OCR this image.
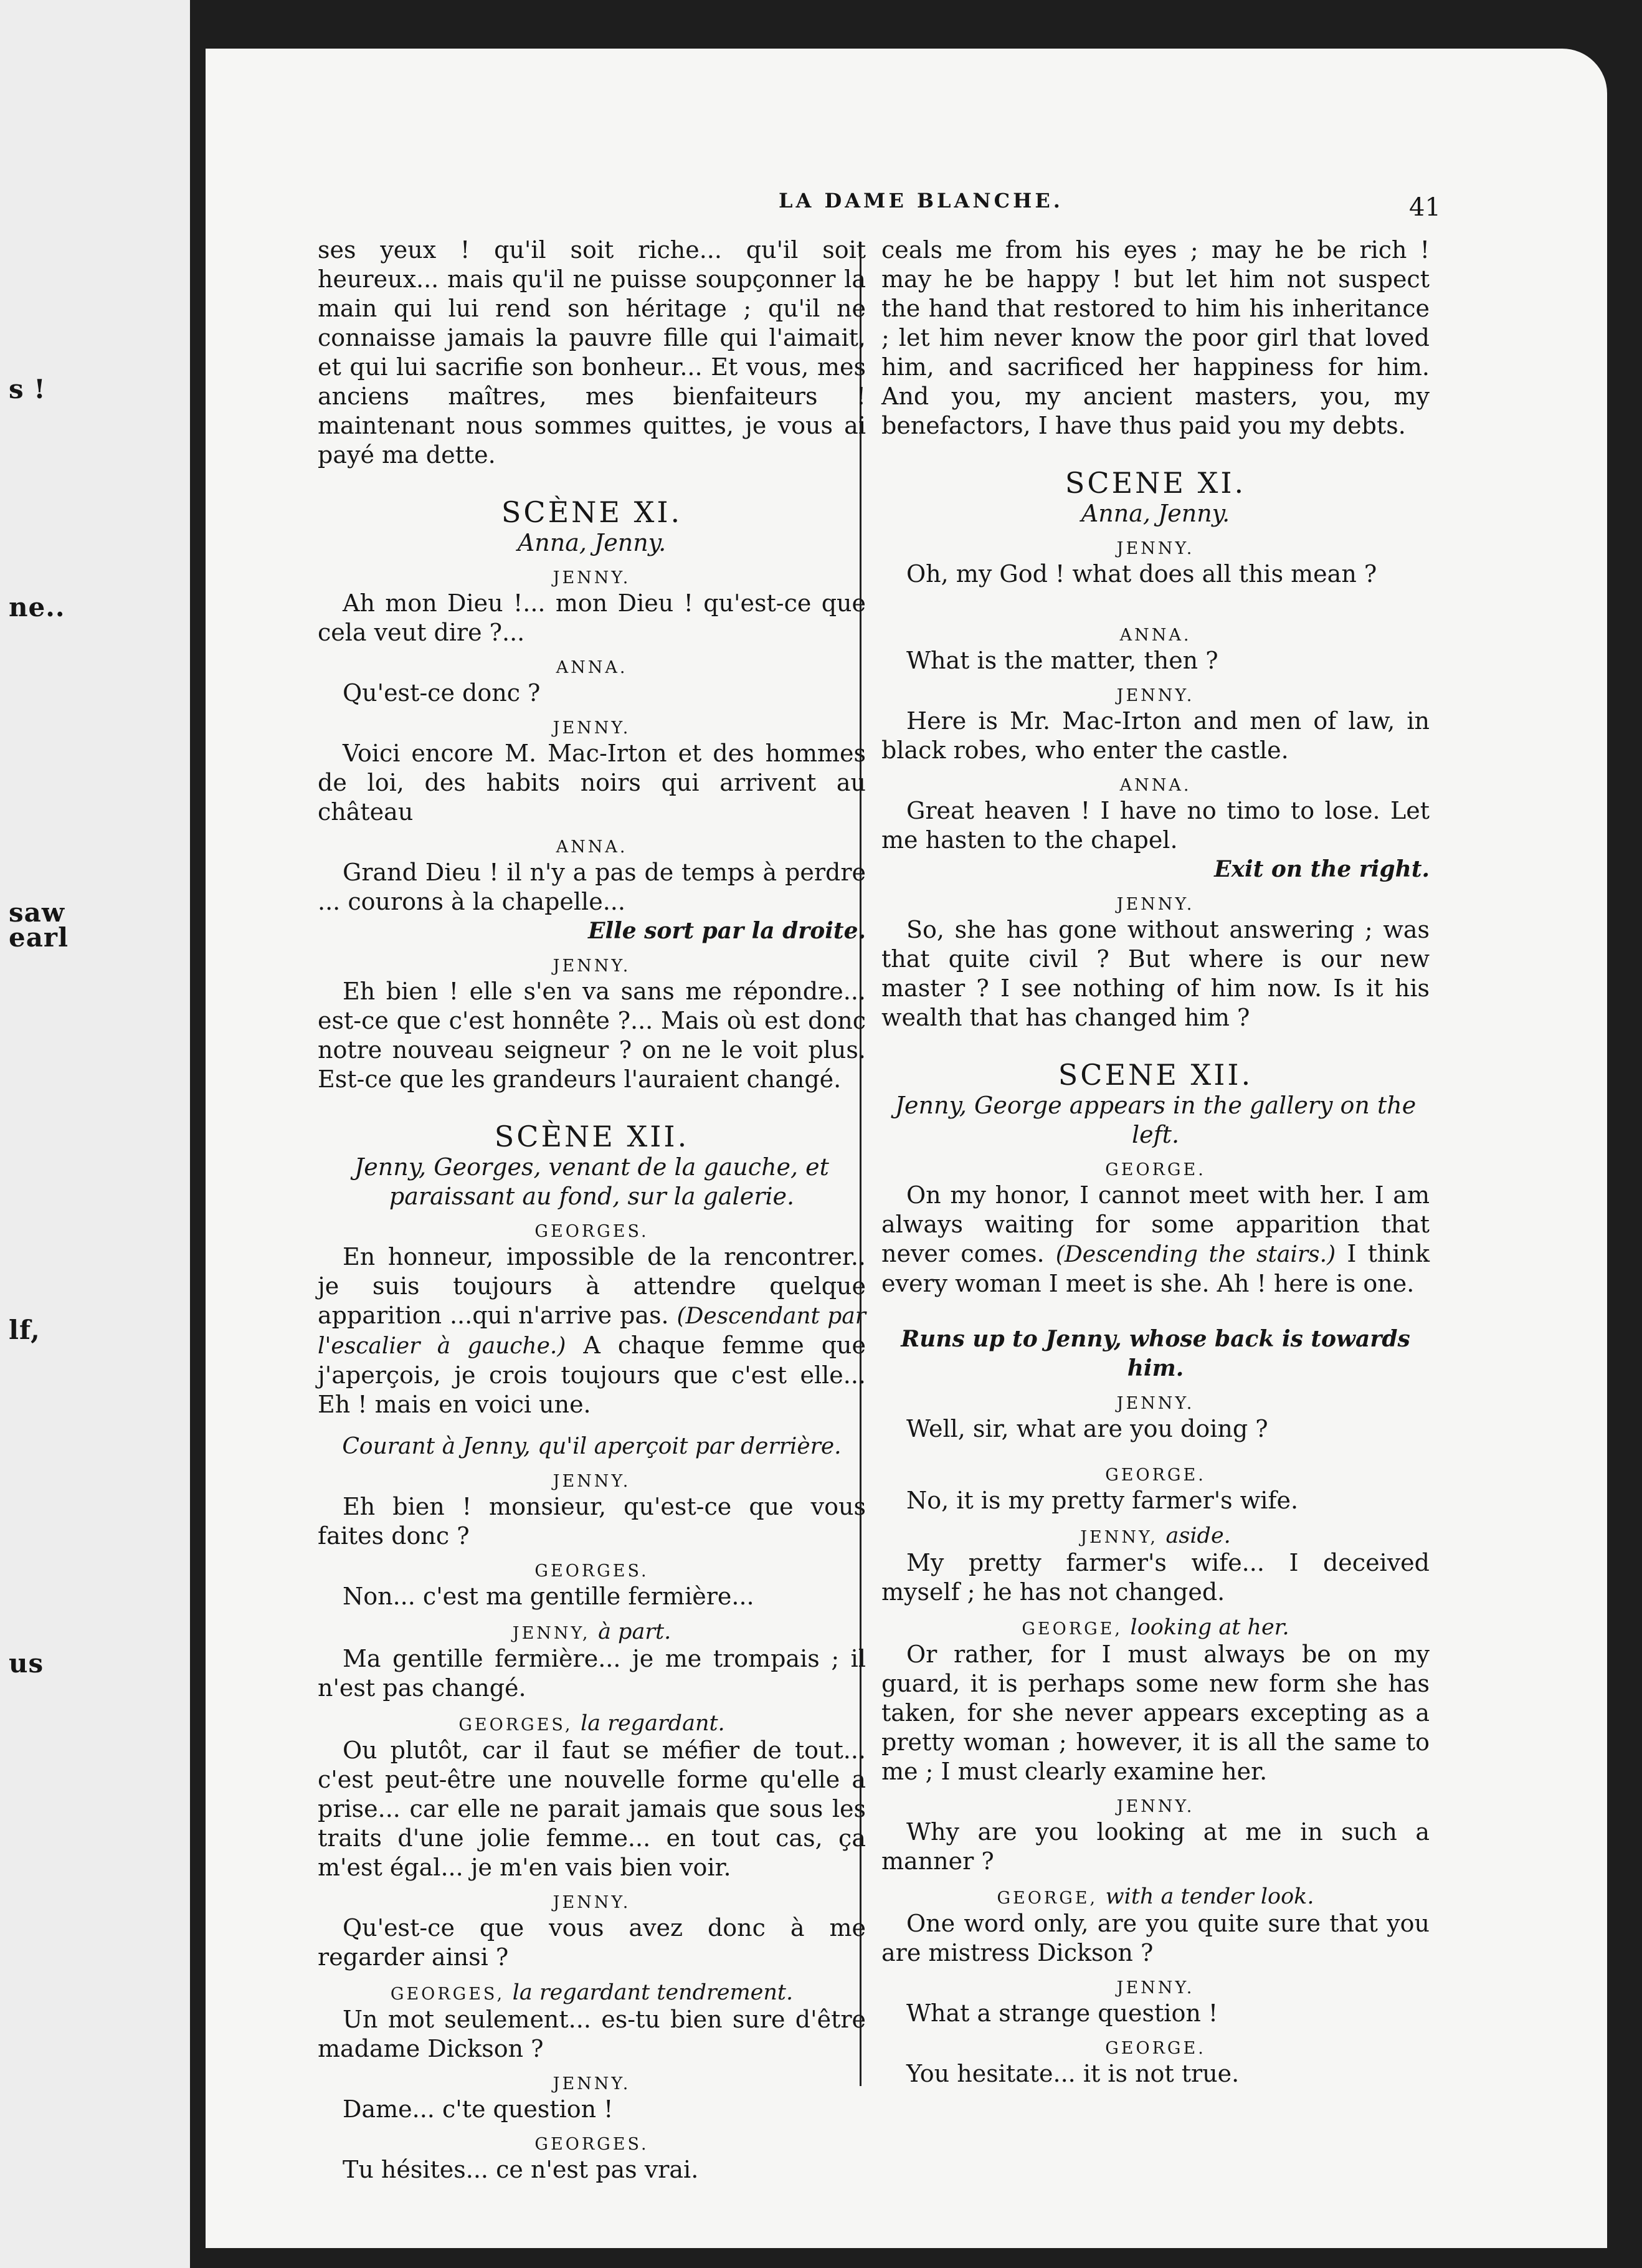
s !
ne..
saw
earl
lf,
us
LA DAME BLANCHE.	41
ses yeux ! qu'il soit riche... qu'il soit heureux... mais qu'il ne puisse soupçonner la main qui lui rend son héritage ; qu'il ne connaisse jamais la pauvre fille qui l'aimait, et qui lui sacrifie son bonheur... Et vous, mes anciens maîtres, mes bienfaiteurs ! maintenant nous sommes quittes, je vous ai payé ma dette.
SCÈNE XI.
Anna, Jenny.
JENNY.
Ah mon Dieu !... mon Dieu ! qu'est-ce que cela veut dire ?...
ANNA.
Qu'est-ce donc ?
JENNY.
Voici encore M. Mac-Irton et des hommes de loi, des habits noirs qui arrivent au château
ANNA.
Grand Dieu ! il n'y a pas de temps à perdre ... courons à la chapelle...
Elle sort par la droite.
JENNY.
Eh bien ! elle s'en va sans me répondre... est-ce que c'est honnête ?... Mais où est donc notre nouveau seigneur ? on ne le voit plus. Est-ce que les grandeurs l'auraient changé.
SCÈNE XII.
Jenny, Georges, venant de la gauche, et paraissant au fond, sur la galerie.
GEORGES.
En honneur, impossible de la rencontrer.. je suis toujours à attendre quelque apparition ...qui n'arrive pas. (Descendant par l'escalier à gauche.) A chaque femme que j'aperçois, je crois toujours que c'est elle... Eh ! mais en voici une.
Courant à Jenny, qu'il aperçoit par derrière.
JENNY.
Eh bien ! monsieur, qu'est-ce que vous faites donc ?
GEORGES.
Non... c'est ma gentille fermière...
JENNY, à part.
Ma gentille fermière... je me trompais ; il n'est pas changé.
GEORGES, la regardant.
Ou plutôt, car il faut se méfier de tout... c'est peut-être une nouvelle forme qu'elle a prise... car elle ne parait jamais que sous les traits d'une jolie femme... en tout cas, ça m'est égal... je m'en vais bien voir.
JENNY.
Qu'est-ce que vous avez donc à me regarder ainsi ?
GEORGES, la regardant tendrement.
Un mot seulement... es-tu bien sure d'être madame Dickson ?
JENNY.
Dame... c'te question !
GEORGES.
Tu hésites... ce n'est pas vrai.
ceals me from his eyes ; may he be rich ! may he be happy ! but let him not suspect the hand that restored to him his inheritance ; let him never know the poor girl that loved him, and sacrificed her happiness for him. And you, my ancient masters, you, my benefactors, I have thus paid you my debts.
SCENE XI.
Anna, Jenny.
JENNY.
Oh, my God ! what does all this mean ?
ANNA.
What is the matter, then ?
JENNY.
Here is Mr. Mac-Irton and men of law, in black robes, who enter the castle.
ANNA.
Great heaven ! I have no timo to lose. Let me hasten to the chapel.
Exit on the right.
JENNY.
So, she has gone without answering ; was that quite civil ? But where is our new master ? I see nothing of him now. Is it his wealth that has changed him ?
SCENE XII.
Jenny, George appears in the gallery on the left.
GEORGE.
On my honor, I cannot meet with her. I am always waiting for some apparition that never comes. (Descending the stairs.) I think every woman I meet is she. Ah ! here is one.
Runs up to Jenny, whose back is towards him.
JENNY.
Well, sir, what are you doing ?
GEORGE.
No, it is my pretty farmer's wife.
JENNY, aside.
My pretty farmer's wife... I deceived myself ; he has not changed.
GEORGE, looking at her.
Or rather, for I must always be on my guard, it is perhaps some new form she has taken, for she never appears excepting as a pretty woman ; however, it is all the same to me ; I must clearly examine her.
JENNY.
Why are you looking at me in such a manner ?
GEORGE, with a tender look.
One word only, are you quite sure that you are mistress Dickson ?
JENNY.
What a strange question !
GEORGE.
You hesitate... it is not true.
